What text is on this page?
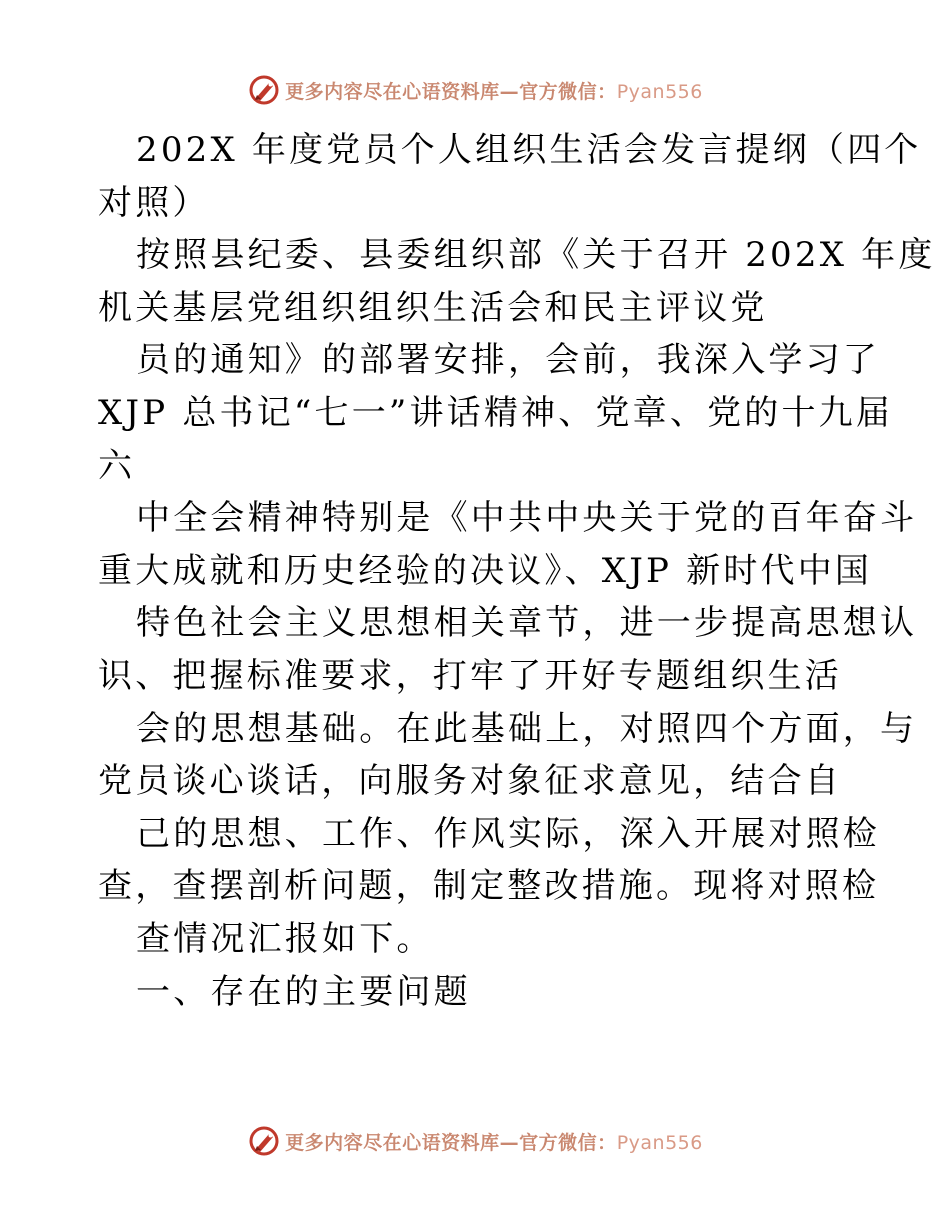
更多内容尽在心语资料库—官方微信：Pyan556
202X 年度党员个人组织生活会发言提纲（四个
对照）
按照县纪委、县委组织部《关于召开 202X 年度
机关基层党组织组织生活会和民主评议党
员的通知》的部署安排，会前，我深入学习了
XJP 总书记“七一”讲话精神、党章、党的十九届
六
中全会精神特别是《中共中央关于党的百年奋斗
重大成就和历史经验的决议》、XJP 新时代中国
特色社会主义思想相关章节，进一步提高思想认
识、把握标准要求，打牢了开好专题组织生活
会的思想基础。在此基础上，对照四个方面，与
党员谈心谈话，向服务对象征求意见，结合自
己的思想、工作、作风实际，深入开展对照检
查，查摆剖析问题，制定整改措施。现将对照检
查情况汇报如下。
一、存在的主要问题
更多内容尽在心语资料库—官方微信：Pyan556
